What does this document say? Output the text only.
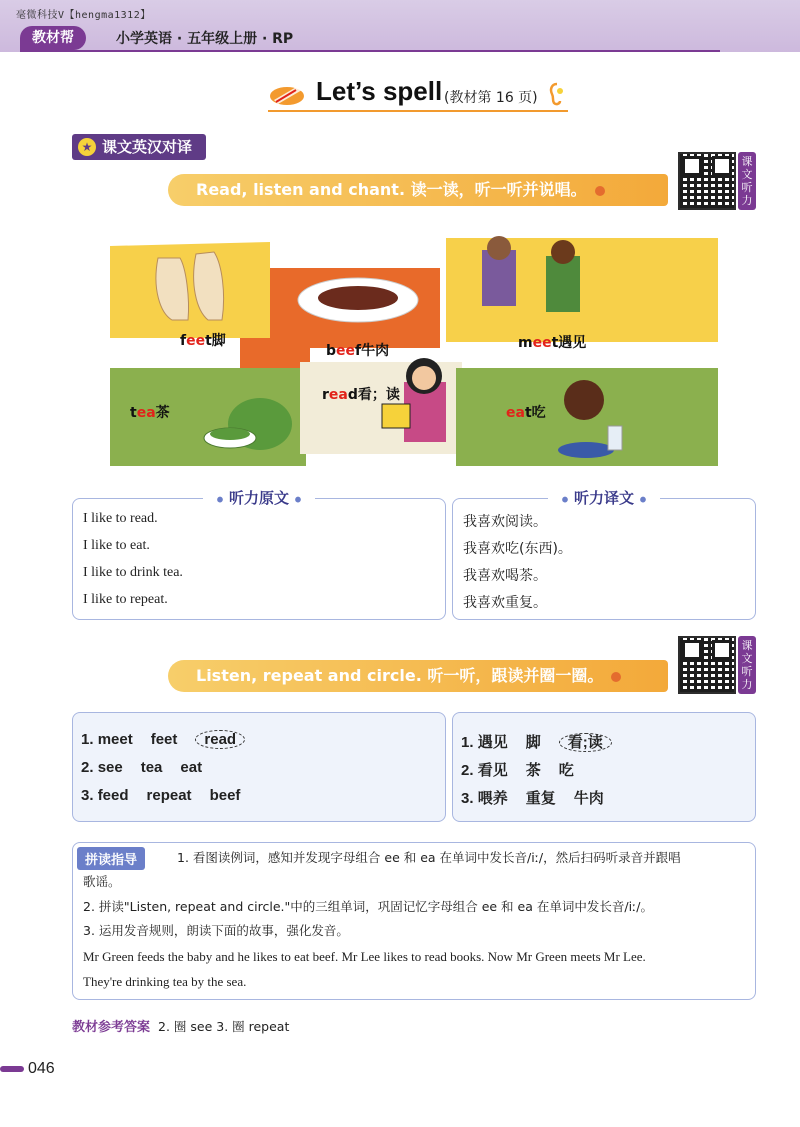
毫微科技V【hengma1312】
教材帮	小学英语 · 五年级上册 · RP
Let’s spell (教材第 16 页)
★ 课文英汉对译
课文听力
Read, listen and chant. 读一读，听一听并说唱。
feet脚
beef牛肉	meet遇见
read看；读
tea茶	eat吃
⦁ 听力原文 ⦁
I like to read.
I like to eat.
I like to drink tea.
I like to repeat.
⦁ 听力译文 ⦁
我喜欢阅读。
我喜欢吃(东西)。
我喜欢喝茶。
我喜欢重复。
课文听力
Listen, repeat and circle. 听一听，跟读并圈一圈。
1. meet feet read
2. see tea eat
3. feed repeat beef
1. 遇见 脚 看;读
2. 看见 茶 吃
3. 喂养 重复 牛肉
拼读指导	1. 看图读例词，感知并发现字母组合 ee 和 ea 在单词中发长音/iː/，然后扫码听录音并跟唱

歌谣。

2. 拼读"Listen, repeat and circle."中的三组单词，巩固记忆字母组合 ee 和 ea 在单词中发长音/iː/。

3. 运用发音规则，朗读下面的故事，强化发音。

Mr Green feeds the baby and he likes to eat beef. Mr Lee likes to read books. Now Mr Green meets Mr Lee.

They're drinking tea by the sea.

教材参考答案 2. 圈 see 3. 圈 repeat
046
